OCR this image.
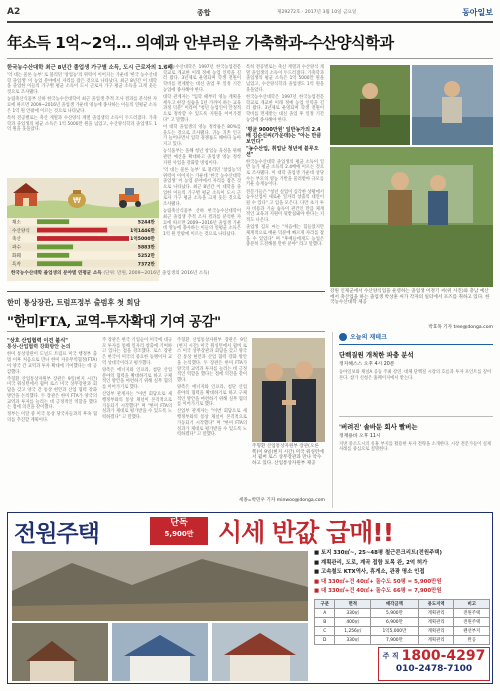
A2	종합	제29272호 · 2017년 3월 10일 금요일	동아일보
年소득 1억~2억… 의예과 안부러운 가축학과-수산양식학과
한국농수산대학 최근 8년간 졸업생 가구별 소득, 도시 근로자의 1.6배

'억 대는 물론 농부' 로 불리던 '창업농'의 위력이 이어지는 가운데 '한국 농수산대학 졸업생' 이 농업 분야에서 자리를 잡은 것으로 나타났다. 최근 8년간 이 대학을 졸업한 이들의 가구별 평균 소득이 도시 근로자 가구 평균 소득을 크게 웃돈 것으로 조사됐다.

농림축산식품부 산하 한국농수산대학이 최근 졸업생 추적 조사 결과를 분석한 자료에 따르면 2009~2016년 졸업생 가운데 영농에 종사하는 이들의 연평균 소득은 1억 원 안팎에 이르는 것으로 나타났다.

특히 전공별로는 축산 계열과 수산양식 계열 졸업생의 소득이 두드러졌다. 가축학과 졸업생의 평균 소득은 1억 5000만 원을 넘었고, 수산양식학과 졸업생도 1억 원을 웃돌았다.

한국농수산대학은 1997년 한국농업전문학교로 개교한 이래 정예 농업 인력을 길러 왔다. 3년제로 운영되며 학생 전원이 학비를 면제받는 대신 졸업 후 일정 기간 농업에 종사해야 한다.

대학 관계자는 "입학 때부터 영농 계획을 세우고 현장 실습을 1년 가까이 하는 교육과정 덕분" 이라며 "청년 농업인이 안정적으로 정착할 수 있도록 지원을 이어가겠다" 고 말했다.

이 대학 졸업생의 영농 정착률은 80%를 웃도는 것으로 조사됐다. 귀농 귀촌 인구가 늘어나면서 입학 경쟁률도 해마다 높아지고 있다.

농식품부는 올해 청년 창업농 육성을 위해 관련 예산을 확대하고 졸업생 영농 정착 지원 사업을 강화할 방침이다.

'억 대는 물론 농부' 로 불리던 '창업농'의 위력이 이어지는 가운데 '한국 농수산대학 졸업생' 이 농업 분야에서 자리를 잡은 것으로 나타났다. 최근 8년간 이 대학을 졸업한 이들의 가구별 평균 소득이 도시 근로자 가구 평균 소득을 크게 웃돈 것으로 조사됐다.

농림축산식품부 산하 한국농수산대학이 최근 졸업생 추적 조사 결과를 분석한 자료에 따르면 2009~2016년 졸업생 가운데 영농에 종사하는 이들의 연평균 소득은 1억 원 안팎에 이르는 것으로 나타났다.

특히 전공별로는 축산 계열과 수산양식 계열 졸업생의 소득이 두드러졌다. 가축학과 졸업생의 평균 소득은 1억 5000만 원을 넘었고, 수산양식학과 졸업생도 1억 원을 웃돌았다.

한국농수산대학은 1997년 한국농업전문학교로 개교한 이래 정예 농업 인력을 길러 왔다. 3년제로 운영되며 학생 전원이 학비를 면제받는 대신 졸업 후 일정 기간 농업에 종사해야 한다.

'평균 9000만원' 일반농가의 2.4배 김순신씨(가운데)는 "아는 만큼 보인다"
"농수산업, 취업난 청년에 블루오션"

한국농수산대학 졸업생의 평균 소득이 일반 농가 평균 소득의 2.4배에 이르는 것으로 조사됐다. 이 대학 졸업생 가운데 상당수는 부모의 영농 기반을 물려받아 규모를 키운 승계농이다.

전문가들은 "청년 실업이 심각한 상황에서 농수산업이 새로운 일자리 창출의 대안이 될 수 있다" 고 입을 모은다. 다만 초기 투자 비용과 기술 습득이 관건인 만큼 체계적인 교육과 지원이 뒷받침돼야 한다는 지적도 나온다.

졸업생 김모 씨는 "처음에는 힘들었지만 체계적으로 배운 덕분에 빠르게 자리를 잡을 수 있었다" 며 "후배들에게도 농업은 충분히 도전해볼 만한 분야" 라고 말했다.

₩
채소	5244만
수산양식	1억1446만
축산	1억5000만
과수	5883만
화훼	5252만
특작	7372만
한국농수산대학 졸업생의 분야별 연평균 소득 (단위: 만원, 2009~2016년 졸업생의 2016년 소득)
강원 인제군에서 수산양식업을 운영하는 졸업생 이정기 씨(위 사진)와 충남 예산에서 축산업을 하는 졸업생 박상훈 씨가 각자의 일터에서 포즈를 취하고 있다. 한국농수산대학 제공
박효목 기자 tree@donga.com
한미 통상장관, 트럼프정부 출범후 첫 회담
"한미FTA, 교역-투자확대 기여 공감"
"상호 산업협력 이견 불식"
통상-산업협력 강화방안 논의

한미 통상장관이 도널드 트럼프 미국 행정부 출범 이후 처음으로 만나 한미 자유무역협정(FTA)이 양국 간 교역과 투자 확대에 기여했다는 데 공감했다.

주형환 산업통상자원부 장관은 9일(현지 시간) 미국 워싱턴에서 윌버 로스 미국 상무장관과 회담을 갖고 양국 간 통상 현안과 산업 협력 강화 방안을 논의했다. 두 장관은 한미 FTA가 양국의 교역과 투자를 늘리는 데 긍정적인 역할을 했다는 점에 의견을 같이했다.

정부는 이달 중 미국 통상 당국자들과의 후속 협의를 추진할 계획이다.

주 장관은 한국 기업들이 미국에 대규모 투자를 통해 일자리 창출에 기여하고 있다는 점을 강조했다. 로스 장관은 한국이 미국의 중요한 동맹이자 교역 상대국이라고 평가했다.

양측은 에너지와 인프라, 첨단 산업 분야의 협력을 확대하기로 하고 구체적인 방안을 마련하기 위해 실무 협의를 이어가기로 했다.

산업부 관계자는 "이번 회담으로 새 행정부와의 통상 채널이 본격적으로 가동되기 시작했다" 며 "한미 FTA의 성과가 제대로 평가받을 수 있도록 노력하겠다" 고 말했다.

주형환 산업통상자원부 장관은 9일(현지 시간) 미국 워싱턴에서 윌버 로스 미국 상무장관과 회담을 갖고 양국 간 통상 현안과 산업 협력 강화 방안을 논의했다. 두 장관은 한미 FTA가 양국의 교역과 투자를 늘리는 데 긍정적인 역할을 했다는 점에 의견을 같이했다.

양측은 에너지와 인프라, 첨단 산업 분야의 협력을 확대하기로 하고 구체적인 방안을 마련하기 위해 실무 협의를 이어가기로 했다.

산업부 관계자는 "이번 회담으로 새 행정부와의 통상 채널이 본격적으로 가동되기 시작했다" 며 "한미 FTA의 성과가 제대로 평가받을 수 있도록 노력하겠다" 고 말했다.

주형환 산업통상자원부 장관(오른쪽)이 9일(현지 시간) 미국 워싱턴에서 윌버 로스 상무장관과 만나 악수하고 있다. 산업통상자원부 제공
세종=박민우 기자 minwoo@donga.com
오늘의 재테크
단백질원 개척한 파충 분석
정지혜스스 오후 4시 20분
동아일보와 채널A 공동 주최 강연. 대체 단백질 시장의 흐름과 투자 포인트를 짚어본다. 참가 신청은 홈페이지에서 받는다.
'버려진' 솔바둔 회사 빨버는
정재용바 오후 11시
지방 중소도시의 유휴 부지를 활용한 투자 전략을 소개한다. 시장 전문가들이 실제 사례를 중심으로 설명한다.
전원주택	단독
5,900만 시세 반값 급매!!
■ 토지 330㎡~, 25~48평 철근콘크리트(전원주택)
■ 계획관리, 도로, 계곡 접함 토목 완, 2억 허가
■ 고속철도 KTX역사, 휴게소, 관광 명소 인접
■ 대 330㎡+건 40㎡+ 돌수도 50평 = 5,900만원
■ 대 330㎡+건 40㎡+ 돌수도 66평 = 7,900만원
구분	면적	매각금액	용도지역	비고
A	330㎡	5,900만	계획관리	전원주택
B	400㎡	6,900만	계획관리	전원주택
C	1,256㎡	1억5,000만	계획관리	펜션부지
D	330㎡	7,900만	계획관리	완공
주 직 1800-4297
010-2478-7100
